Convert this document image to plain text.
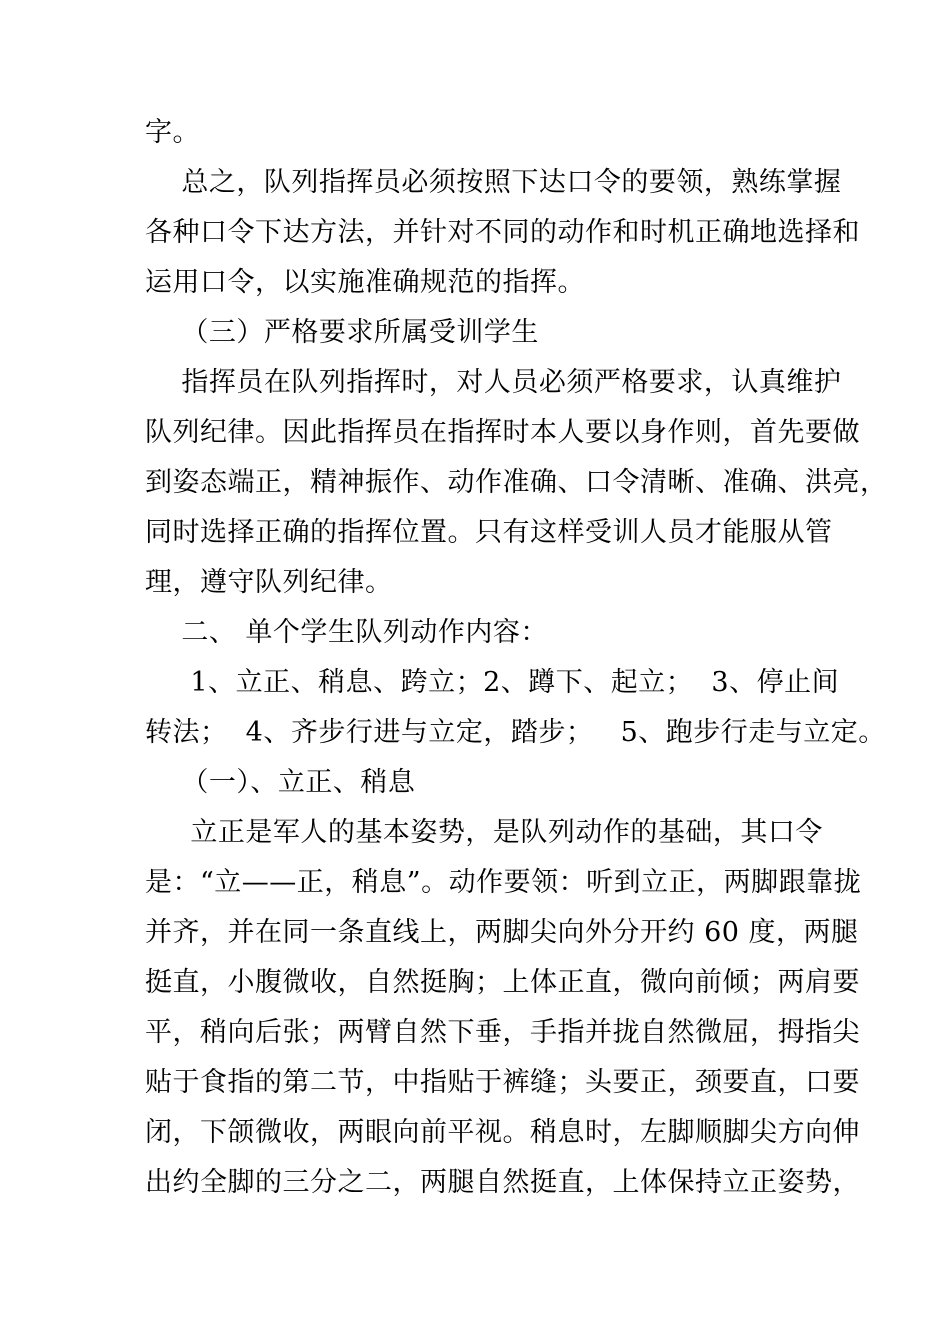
字。
总之，队列指挥员必须按照下达口令的要领，熟练掌握
各种口令下达方法，并针对不同的动作和时机正确地选择和
运用口令，以实施准确规范的指挥。
（三）严格要求所属受训学生
指挥员在队列指挥时，对人员必须严格要求，认真维护
队列纪律。因此指挥员在指挥时本人要以身作则，首先要做
到姿态端正，精神振作、动作准确、口令清晰、准确、洪亮，
同时选择正确的指挥位置。只有这样受训人员才能服从管
理，遵守队列纪律。
二、 单个学生队列动作内容：
1、立正、稍息、跨立；2、蹲下、起立；  3、停止间
转法；  4、齐步行进与立定，踏步；   5、跑步行走与立定。
（一）、立正、稍息
立正是军人的基本姿势，是队列动作的基础，其口令
是：“立——正，稍息”。动作要领：听到立正，两脚跟靠拢
并齐，并在同一条直线上，两脚尖向外分开约 60 度，两腿
挺直，小腹微收，自然挺胸；上体正直，微向前倾；两肩要
平，稍向后张；两臂自然下垂，手指并拢自然微屈，拇指尖
贴于食指的第二节，中指贴于裤缝；头要正，颈要直，口要
闭，下颌微收，两眼向前平视。稍息时，左脚顺脚尖方向伸
出约全脚的三分之二，两腿自然挺直，上体保持立正姿势，
